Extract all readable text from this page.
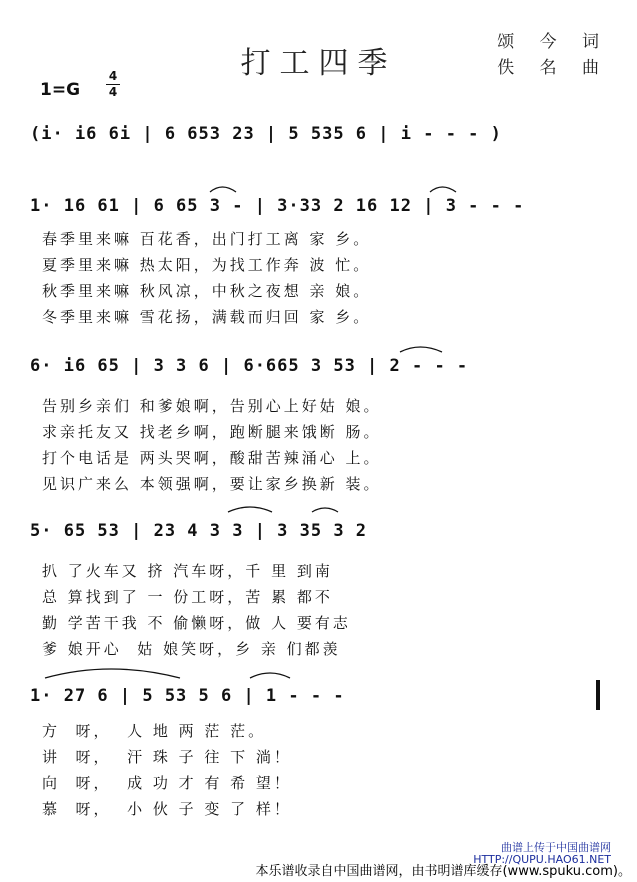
打工四季
颂 今 词
佚 名 曲
1=G
4
4
(i· i6 6i | 6 653 23 | 5 535 6 | i - - - )
1· 16 61 | 6 65 3 - | 3·33 2 16 12 | 3 - - -
春季里来嘛 百花香，出门打工离 家 乡。
夏季里来嘛 热太阳，为找工作奔 波 忙。
秋季里来嘛 秋风凉，中秋之夜想 亲 娘。
冬季里来嘛 雪花扬，满载而归回 家 乡。
6· i6 65 | 3 3 6 | 6·665 3 53 | 2 - - -
告别乡亲们 和爹娘啊，告别心上好姑 娘。
求亲托友又 找老乡啊，跑断腿来饿断 肠。
打个电话是 两头哭啊，酸甜苦辣涌心 上。
见识广来么 本领强啊，要让家乡换新 装。
5· 65 53 | 23 4 3 3 | 3 35 3 2
扒 了火车又 挤 汽车呀，千 里 到南
总 算找到了 一 份工呀，苦 累 都不
勤 学苦干我 不 偷懒呀，做 人 要有志
爹 娘开心  姑 娘笑呀，乡 亲 们都羡
1· 27 6 | 5 53 5 6 | 1 - - -
方  呀，  人 地 两 茫 茫。
讲  呀，  汗 珠 子 往 下 淌！
向  呀，  成 功 才 有 希 望！
慕  呀，  小 伙 子 变 了 样！
曲谱上传于中国曲谱网
HTTP://QUPU.HAO61.NET
本乐谱收录自中国曲谱网，由书明谱库缓存(www.spuku.com)。
